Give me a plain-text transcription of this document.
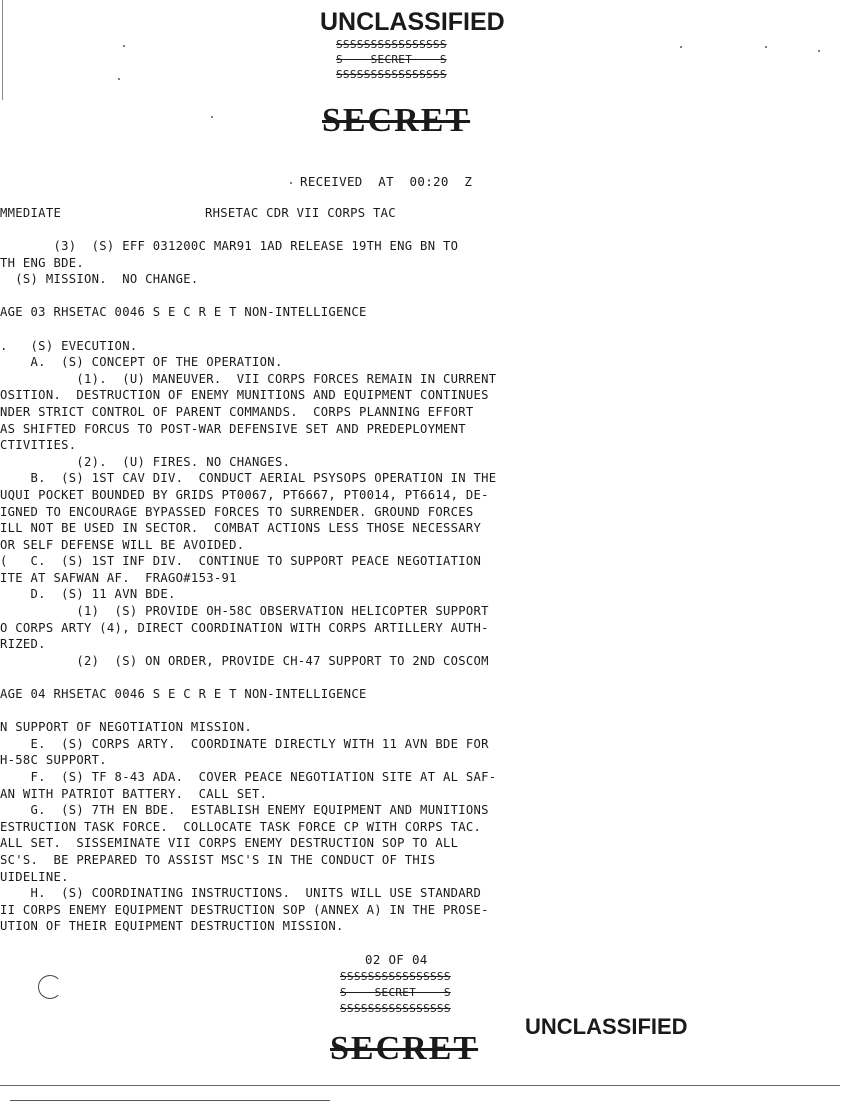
UNCLASSIFIED
SSSSSSSSSSSSSSSS
S    SECRET    S
SSSSSSSSSSSSSSSS
SECRET
RECEIVED  AT  00:20  Z
MMEDIATE	RHSETAC CDR VII CORPS TAC
(3)  (S) EFF 031200C MAR91 1AD RELEASE 19TH ENG BN TO
TH ENG BDE.
(S) MISSION.  NO CHANGE.
AGE 03 RHSETAC 0046 S E C R E T NON-INTELLIGENCE
.   (S) EVECUTION.
A.  (S) CONCEPT OF THE OPERATION.
(1).  (U) MANEUVER.  VII CORPS FORCES REMAIN IN CURRENT
OSITION.  DESTRUCTION OF ENEMY MUNITIONS AND EQUIPMENT CONTINUES
NDER STRICT CONTROL OF PARENT COMMANDS.  CORPS PLANNING EFFORT
AS SHIFTED FORCUS TO POST-WAR DEFENSIVE SET AND PREDEPLOYMENT
CTIVITIES.
(2).  (U) FIRES. NO CHANGES.
B.  (S) 1ST CAV DIV.  CONDUCT AERIAL PSYSOPS OPERATION IN THE
UQUI POCKET BOUNDED BY GRIDS PT0067, PT6667, PT0014, PT6614, DE-
IGNED TO ENCOURAGE BYPASSED FORCES TO SURRENDER. GROUND FORCES
ILL NOT BE USED IN SECTOR.  COMBAT ACTIONS LESS THOSE NECESSARY
OR SELF DEFENSE WILL BE AVOIDED.
(   C.  (S) 1ST INF DIV.  CONTINUE TO SUPPORT PEACE NEGOTIATION
ITE AT SAFWAN AF.  FRAGO#153-91
D.  (S) 11 AVN BDE.
(1)  (S) PROVIDE OH-58C OBSERVATION HELICOPTER SUPPORT
O CORPS ARTY (4), DIRECT COORDINATION WITH CORPS ARTILLERY AUTH-
RIZED.
(2)  (S) ON ORDER, PROVIDE CH-47 SUPPORT TO 2ND COSCOM
AGE 04 RHSETAC 0046 S E C R E T NON-INTELLIGENCE
N SUPPORT OF NEGOTIATION MISSION.
E.  (S) CORPS ARTY.  COORDINATE DIRECTLY WITH 11 AVN BDE FOR
H-58C SUPPORT.
F.  (S) TF 8-43 ADA.  COVER PEACE NEGOTIATION SITE AT AL SAF-
AN WITH PATRIOT BATTERY.  CALL SET.
G.  (S) 7TH EN BDE.  ESTABLISH ENEMY EQUIPMENT AND MUNITIONS
ESTRUCTION TASK FORCE.  COLLOCATE TASK FORCE CP WITH CORPS TAC.
ALL SET.  SISSEMINATE VII CORPS ENEMY DESTRUCTION SOP TO ALL
SC'S.  BE PREPARED TO ASSIST MSC'S IN THE CONDUCT OF THIS
UIDELINE.
H.  (S) COORDINATING INSTRUCTIONS.  UNITS WILL USE STANDARD
II CORPS ENEMY EQUIPMENT DESTRUCTION SOP (ANNEX A) IN THE PROSE-
UTION OF THEIR EQUIPMENT DESTRUCTION MISSION.
02 OF 04
SSSSSSSSSSSSSSSS
S    SECRET    S
SSSSSSSSSSSSSSSS
UNCLASSIFIED
SECRET
